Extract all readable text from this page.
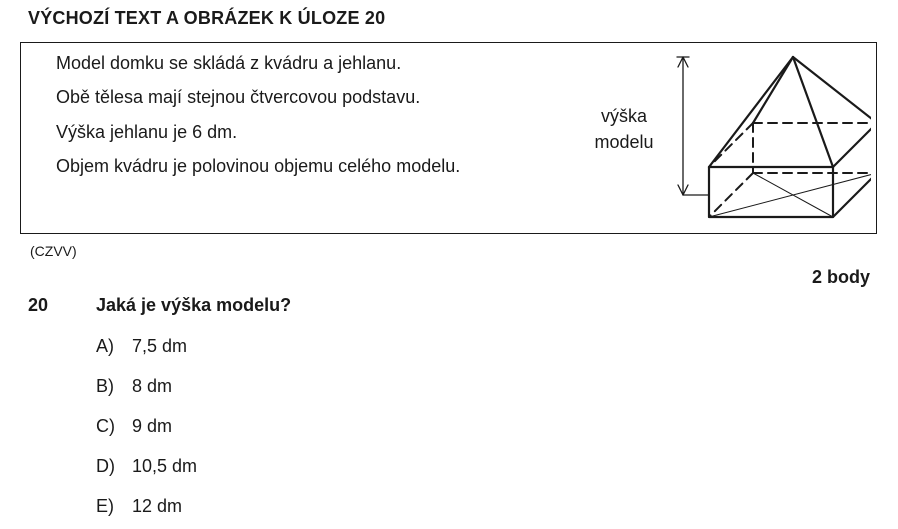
VÝCHOZÍ TEXT A OBRÁZEK K ÚLOZE 20
Model domku se skládá z kvádru a jehlanu.
Obě tělesa mají stejnou čtvercovou podstavu.
Výška jehlanu je 6 dm.
Objem kvádru je polovinou objemu celého modelu.
výška
modelu
(CZVV)
2 body
20	Jaká je výška modelu?
A)	7,5 dm
B)	8 dm
C) 9 dm
D) 10,5 dm
E)	12 dm
